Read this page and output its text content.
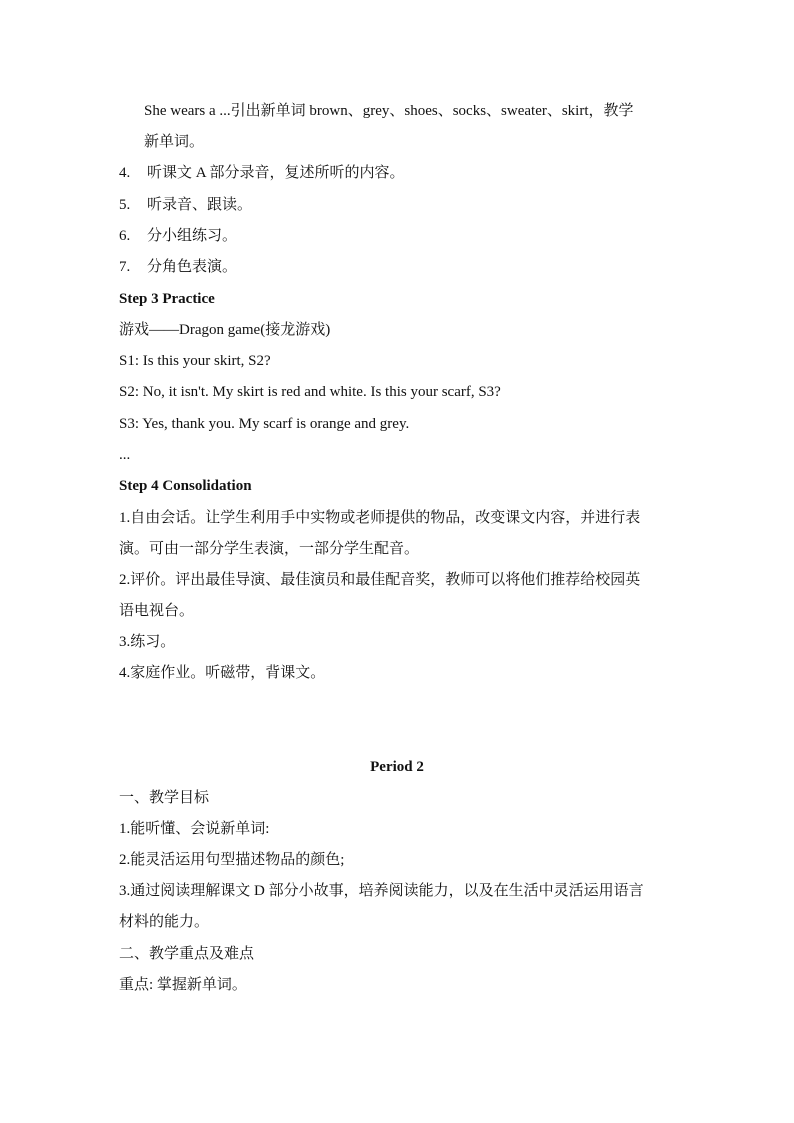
She wears a ...引出新单词 brown、grey、shoes、socks、sweater、skirt，教学
新单词。
4. 听课文 A 部分录音，复述所听的内容。
5. 听录音、跟读。
6. 分小组练习。
7. 分角色表演。
Step 3 Practice
游戏——Dragon game(接龙游戏)
S1: Is this your skirt, S2?
S2: No, it isn't. My skirt is red and white. Is this your scarf, S3?
S3: Yes, thank you. My scarf is orange and grey.
...
Step 4 Consolidation
1.自由会话。让学生利用手中实物或老师提供的物品，改变课文内容，并进行表
演。可由一部分学生表演，一部分学生配音。
2.评价。评出最佳导演、最佳演员和最佳配音奖，教师可以将他们推荐给校园英
语电视台。
3.练习。
4.家庭作业。听磁带，背课文。
Period 2
一、教学目标
1.能听懂、会说新单词:
2.能灵活运用句型描述物品的颜色;
3.通过阅读理解课文 D 部分小故事，培养阅读能力，以及在生活中灵活运用语言
材料的能力。
二、教学重点及难点
重点: 掌握新单词。
